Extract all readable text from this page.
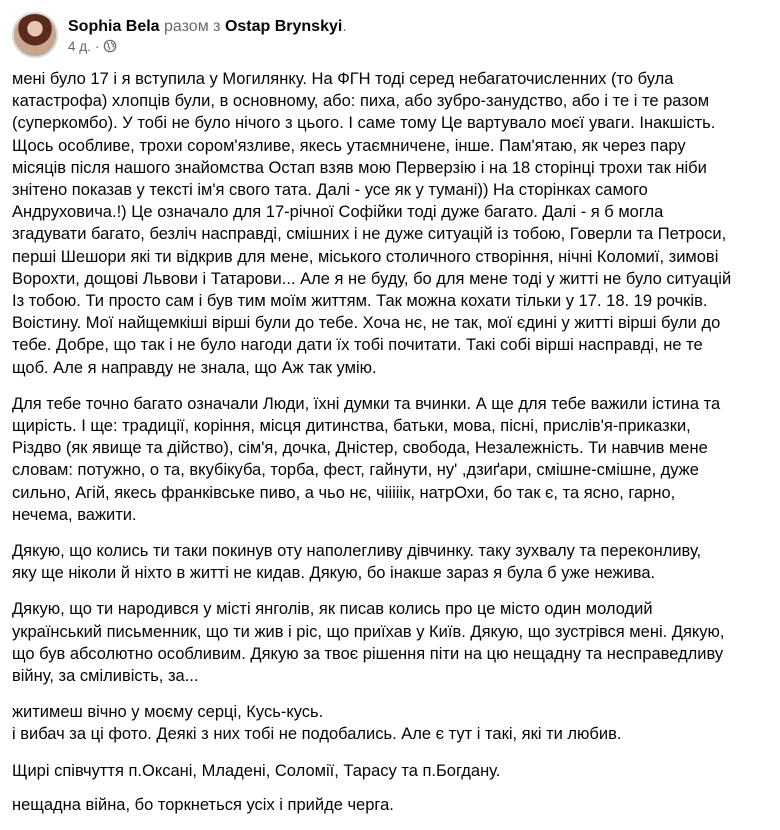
Sophia Bela разом з Ostap Brynskyi.
4 д. ·

мені було 17 і я вступила у Могилянку. На ФГН тоді серед небагаточисленних (то була
катастрофа) хлопців були, в основному, або: пиха, або зубро-занудство, або і те і те разом
(суперкомбо). У тобі не було нічого з цього. І саме тому Це вартувало моєї уваги. Інакшість.
Щось особливе, трохи сором'язливе, якесь утаємничене, інше. Пам'ятаю, як через пару
місяців після нашого знайомства Остап взяв мою Перверзію і на 18 сторінці трохи так ніби
знітено показав у тексті ім'я свого тата. Далі - усе як у тумані)) На сторінках самого
Андруховича.!) Це означало для 17-річної Софійки тоді дуже багато. Далі - я б могла
згадувати багато, безліч насправді, смішних і не дуже ситуацій із тобою, Говерли та Петроси,
перші Шешори які ти відкрив для мене, міського столичного створіння, нічні Коломиї, зимові
Ворохти, дощові Львови і Татарови... Але я не буду, бо для мене тоді у житті не було ситуацій
Із тобою. Ти просто сам і був тим моїм життям. Так можна кохати тільки у 17. 18. 19 рочків.
Воістину. Мої найщемкіші вірші були до тебе. Хоча нє, не так, мої єдині у житті вірші були до
тебе. Добре, що так і не було нагоди дати їх тобі почитати. Такі собі вірші насправді, не те
щоб. Але я направду не знала, що Аж так умію.

Для тебе точно багато означали Люди, їхні думки та вчинки. А ще для тебе важили істина та
щирість. І ще: традиції, коріння, місця дитинства, батьки, мова, пісні, прислів'я-приказки,
Різдво (як явище та дійство), сім'я, дочка, Дністер, свобода, Незалежність. Ти навчив мене
словам: потужно, о та, вкубікуба, торба, фест, гайнути, ну' ,дзиґари, смішне-смішне, дуже
сильно, Агій, якесь франківське пиво, а чьо нє, чііііік, натрОхи, бо так є, та ясно, гарно,
нечема, важити.

Дякую, що колись ти таки покинув оту наполегливу дівчинку. таку зухвалу та переконливу,
яку ще ніколи й ніхто в житті не кидав. Дякую, бо інакше зараз я була б уже нежива.

Дякую, що ти народився у місті янголів, як писав колись про це місто один молодий
український письменник, що ти жив і ріс, що приїхав у Київ. Дякую, що зустрівся мені. Дякую,
що був абсолютно особливим. Дякую за твоє рішення піти на цю нещадну та несправедливу
війну, за сміливість, за...

житимеш вічно у моєму серці, Кусь-кусь.
і вибач за ці фото. Деякі з них тобі не подобались. Але є тут і такі, які ти любив.

Щирі співчуття п.Оксані, Младені, Соломії, Тарасу та п.Богдану.

нещадна війна, бо торкнеться усіх і прийде черга.
